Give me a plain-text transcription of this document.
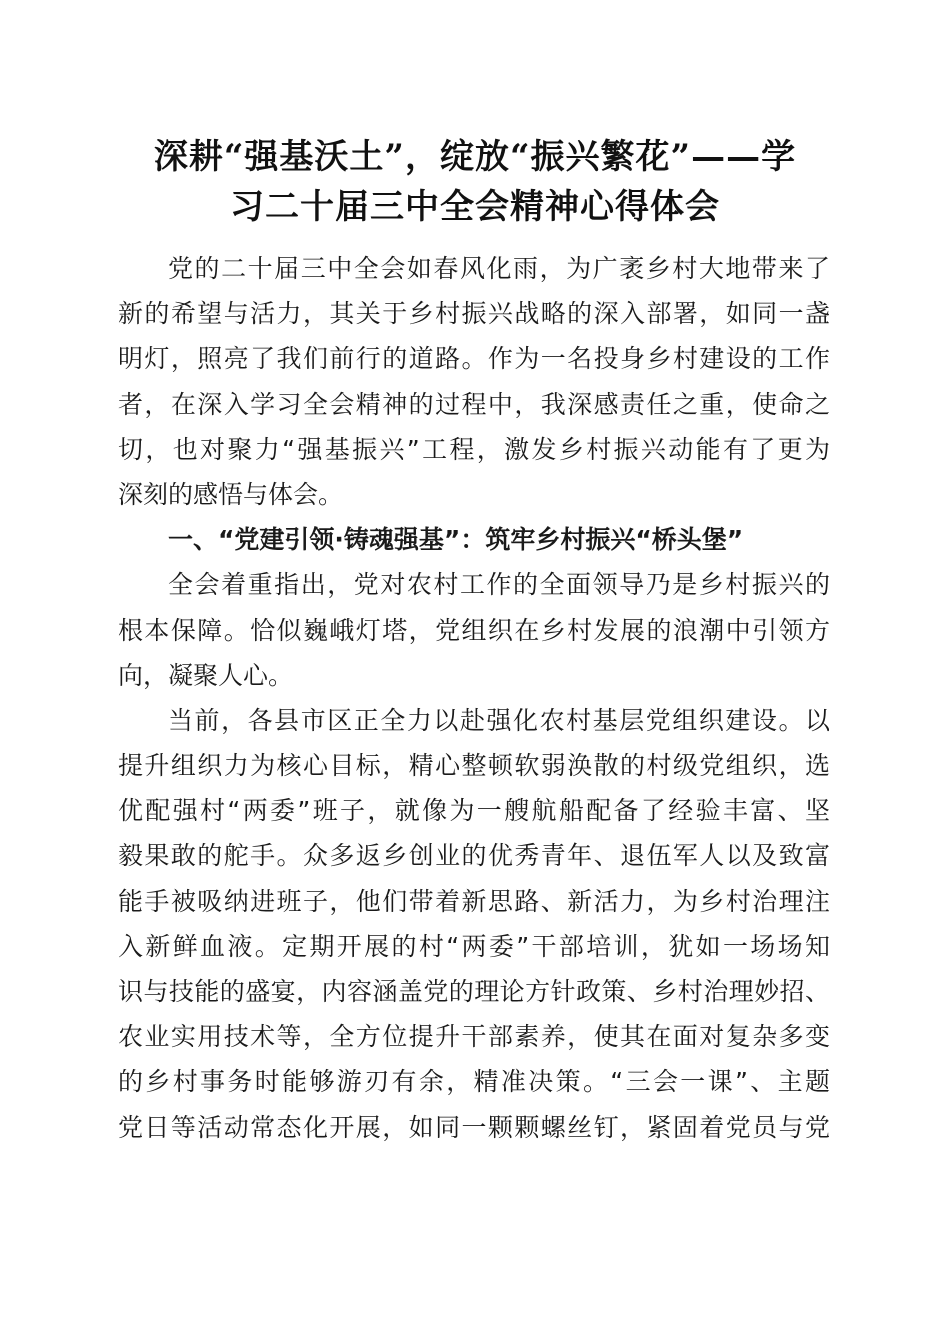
深耕“强基沃土”，绽放“振兴繁花”——学
习二十届三中全会精神心得体会
党的二十届三中全会如春风化雨，为广袤乡村大地带来了
新的希望与活力，其关于乡村振兴战略的深入部署，如同一盏
明灯，照亮了我们前行的道路。作为一名投身乡村建设的工作
者，在深入学习全会精神的过程中，我深感责任之重，使命之
切，也对聚力“强基振兴”工程，激发乡村振兴动能有了更为
深刻的感悟与体会。
一、“党建引领·铸魂强基”：筑牢乡村振兴“桥头堡”
全会着重指出，党对农村工作的全面领导乃是乡村振兴的
根本保障。恰似巍峨灯塔，党组织在乡村发展的浪潮中引领方
向，凝聚人心。
当前，各县市区正全力以赴强化农村基层党组织建设。以
提升组织力为核心目标，精心整顿软弱涣散的村级党组织，选
优配强村“两委”班子，就像为一艘航船配备了经验丰富、坚
毅果敢的舵手。众多返乡创业的优秀青年、退伍军人以及致富
能手被吸纳进班子，他们带着新思路、新活力，为乡村治理注
入新鲜血液。定期开展的村“两委”干部培训，犹如一场场知
识与技能的盛宴，内容涵盖党的理论方针政策、乡村治理妙招、
农业实用技术等，全方位提升干部素养，使其在面对复杂多变
的乡村事务时能够游刃有余，精准决策。“三会一课”、主题
党日等活动常态化开展，如同一颗颗螺丝钉，紧固着党员与党
